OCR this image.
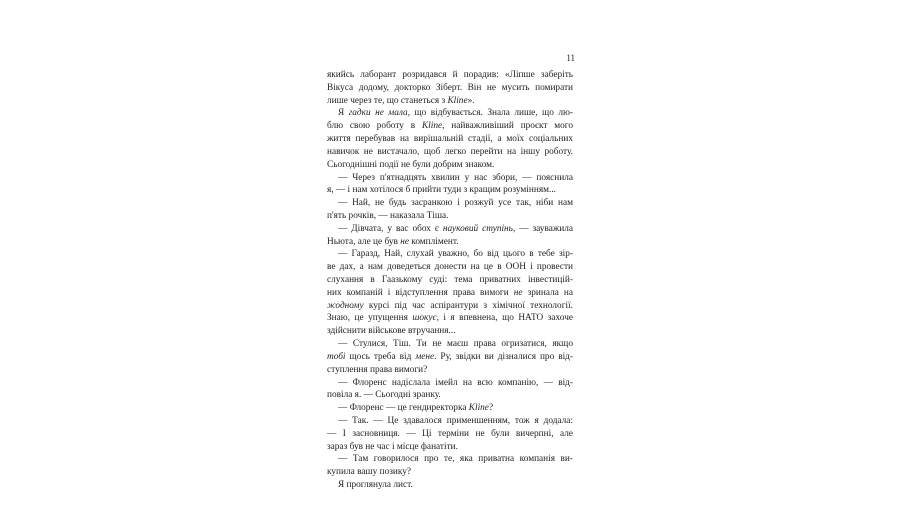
11

якийсь лаборант розридався й порадив: «Ліпше заберіть

Вікуса додому, докторко Зіберт. Він не мусить помирати

лише через те, що станеться з Kline».

Я гадки не мала, що відбувається. Знала лише, що лю-

блю свою роботу в Kline, найважливіший проєкт мого

життя перебував на вирішальній стадії, а моїх соціальних

навичок не вистачало, щоб легко перейти на іншу роботу.

Сьогоднішні події не були добрим знаком.

— Через п'ятнадцять хвилин у нас збори, — пояснила

я, — і нам хотілося б прийти туди з кращим розумінням...

— Най, не будь засранкою і розжуй усе так, ніби нам

п'ять рочків, — наказала Тіша.

— Дівчата, у вас обох є науковий ступінь, — зауважила

Ньюта, але це був не комплімент.

— Гаразд, Най, слухай уважно, бо від цього в тебе зір-

ве дах, а нам доведеться донести на це в ООН і провести

слухання в Гаазькому суді: тема приватних інвестицій-

них компаній і відступлення права вимоги не зринала на

жодному курсі під час аспірантури з хімічної технології.

Знаю, це упущення шокує, і я впевнена, що НАТО захоче

здійснити військове втручання...

— Стулися, Тіш. Ти не маєш права огризатися, якщо

тобі щось треба від мене. Ру, звідки ви дізналися про від-

ступлення права вимоги?

— Флоренс надіслала імейл на всю компанію, — від-

повіла я. — Сьогодні зранку.

— Флоренс — це гендиректорка Kline?

— Так. — Це здавалося применшенням, тож я додала:

— І засновниця. — Ці терміни не були вичерпні, але

зараз був не час і місце фанатіти.

— Там говорилося про те, яка приватна компанія ви-

купила вашу позику?

Я проглянула лист.
